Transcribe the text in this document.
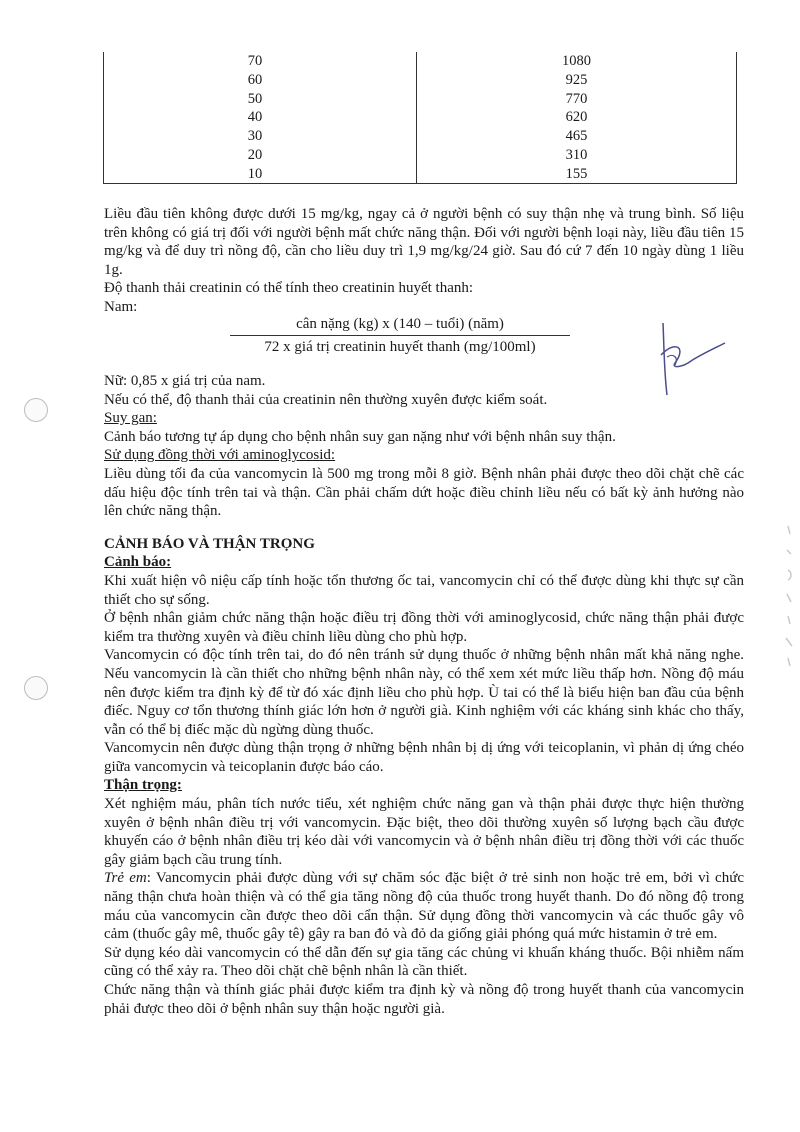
70	1080
60	925
50	770
40	620
30	465
20	310
10	155

Liều đầu tiên không được dưới 15 mg/kg, ngay cả ở người bệnh có suy thận nhẹ và trung bình. Số liệu trên không có giá trị đối với người bệnh mất chức năng thận. Đối với người bệnh loại này, liều đầu tiên 15 mg/kg và để duy trì nồng độ, cần cho liều duy trì 1,9 mg/kg/24 giờ. Sau đó cứ 7 đến 10 ngày dùng 1 liều 1g.

Độ thanh thải creatinin có thể tính theo creatinin huyết thanh:

Nam:

cân nặng (kg) x (140 – tuổi) (năm)
72 x giá trị creatinin huyết thanh (mg/100ml)

Nữ: 0,85 x giá trị của nam.

Nếu có thể, độ thanh thải của creatinin nên thường xuyên được kiểm soát.

Suy gan:

Cảnh báo tương tự áp dụng cho bệnh nhân suy gan nặng như với bệnh nhân suy thận.

Sử dụng đồng thời với aminoglycosid:

Liều dùng tối đa của vancomycin là 500 mg trong mỗi 8 giờ. Bệnh nhân phải được theo dõi chặt chẽ các dấu hiệu độc tính trên tai và thận. Cần phải chấm dứt hoặc điều chỉnh liều nếu có bất kỳ ảnh hưởng nào lên chức năng thận.

CẢNH BÁO VÀ THẬN TRỌNG

Cảnh báo:

Khi xuất hiện vô niệu cấp tính hoặc tổn thương ốc tai, vancomycin chỉ có thể được dùng khi thực sự cần thiết cho sự sống.

Ở bệnh nhân giảm chức năng thận hoặc điều trị đồng thời với aminoglycosid, chức năng thận phải được kiểm tra thường xuyên và điều chỉnh liều dùng cho phù hợp.

Vancomycin có độc tính trên tai, do đó nên tránh sử dụng thuốc ở những bệnh nhân mất khả năng nghe. Nếu vancomycin là cần thiết cho những bệnh nhân này, có thể xem xét mức liều thấp hơn. Nồng độ máu nên được kiểm tra định kỳ để từ đó xác định liều cho phù hợp. Ù tai có thể là biểu hiện ban đầu của bệnh điếc. Nguy cơ tổn thương thính giác lớn hơn ở người già. Kinh nghiệm với các kháng sinh khác cho thấy, vẫn có thể bị điếc mặc dù ngừng dùng thuốc.

Vancomycin nên được dùng thận trọng ở những bệnh nhân bị dị ứng với teicoplanin, vì phản dị ứng chéo giữa vancomycin và teicoplanin được báo cáo.

Thận trọng:

Xét nghiệm máu, phân tích nước tiểu, xét nghiệm chức năng gan và thận phải được thực hiện thường xuyên ở bệnh nhân điều trị với vancomycin. Đặc biệt, theo dõi thường xuyên số lượng bạch cầu được khuyến cáo ở bệnh nhân điều trị kéo dài với vancomycin và ở bệnh nhân điều trị đồng thời với các thuốc gây giảm bạch cầu trung tính.

Trẻ em: Vancomycin phải được dùng với sự chăm sóc đặc biệt ở trẻ sinh non hoặc trẻ em, bởi vì chức năng thận chưa hoàn thiện và có thể gia tăng nồng độ của thuốc trong huyết thanh. Do đó nồng độ trong máu của vancomycin cần được theo dõi cẩn thận. Sử dụng đồng thời vancomycin và các thuốc gây vô cảm (thuốc gây mê, thuốc gây tê) gây ra ban đỏ và đỏ da giống giải phóng quá mức histamin ở trẻ em.

Sử dụng kéo dài vancomycin có thể dẫn đến sự gia tăng các chủng vi khuẩn kháng thuốc. Bội nhiễm nấm cũng có thể xảy ra. Theo dõi chặt chẽ bệnh nhân là cần thiết.

Chức năng thận và thính giác phải được kiểm tra định kỳ và nồng độ trong huyết thanh của vancomycin phải được theo dõi ở bệnh nhân suy thận hoặc người già.
